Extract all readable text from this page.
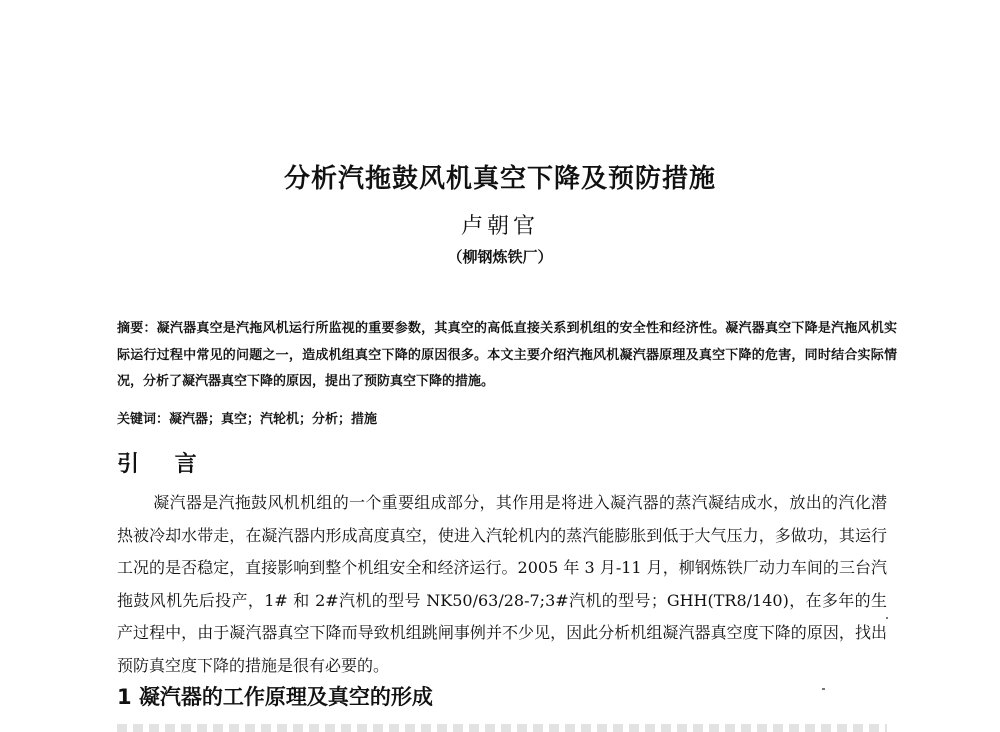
分析汽拖鼓风机真空下降及预防措施
卢朝官
（柳钢炼铁厂）
摘要：凝汽器真空是汽拖风机运行所监视的重要参数，其真空的高低直接关系到机组的安全性和经济性。凝汽器真空下降是汽拖风机实际运行过程中常见的问题之一，造成机组真空下降的原因很多。本文主要介绍汽拖风机凝汽器原理及真空下降的危害，同时结合实际情况，分析了凝汽器真空下降的原因，提出了预防真空下降的措施。
关键词：凝汽器；真空；汽轮机；分析；措施
引 言
凝汽器是汽拖鼓风机机组的一个重要组成部分，其作用是将进入凝汽器的蒸汽凝结成水，放出的汽化潜热被冷却水带走，在凝汽器内形成高度真空，使进入汽轮机内的蒸汽能膨胀到低于大气压力，多做功，其运行工况的是否稳定，直接影响到整个机组安全和经济运行。2005 年 3 月-11 月，柳钢炼铁厂动力车间的三台汽拖鼓风机先后投产，1# 和 2#汽机的型号 NK50/63/28-7;3#汽机的型号；GHH(TR8/140)，在多年的生产过程中，由于凝汽器真空下降而导致机组跳闸事例并不少见，因此分析机组凝汽器真空度下降的原因，找出预防真空度下降的措施是很有必要的。
1 凝汽器的工作原理及真空的形成
